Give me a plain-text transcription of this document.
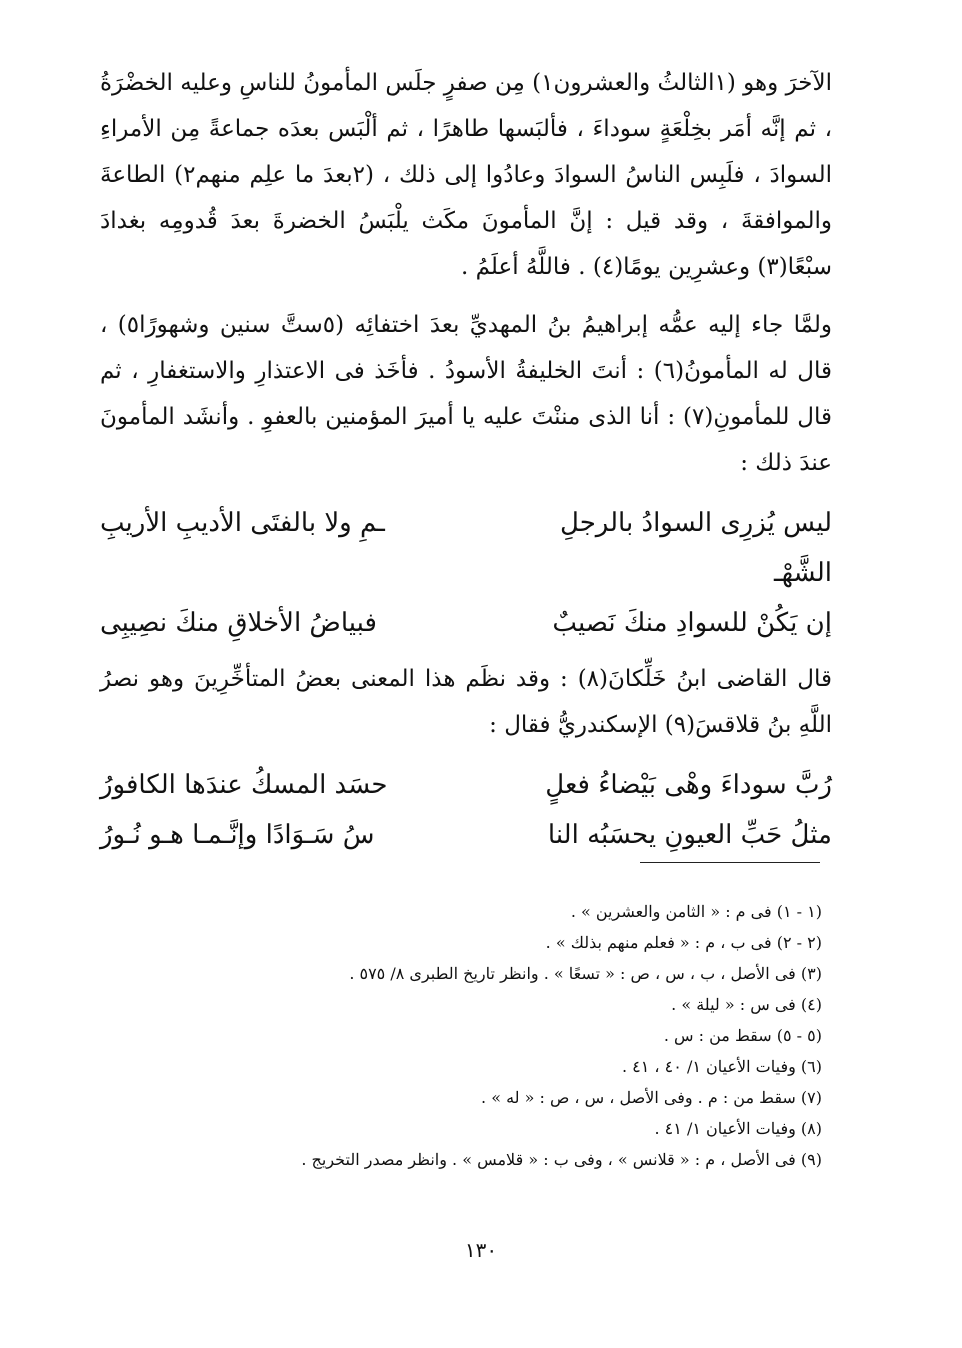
الآخرَ وهو (١الثالثُ والعشرون١) مِن صفرٍ جلَس المأمونُ للناسِ وعليه الخضْرَةُ ، ثم إنَّه أمَر بخِلْعَةٍ سوداءَ ، فألبَسها طاهرًا ، ثم ألْبَس بعدَه جماعةً مِن الأمراءِ السوادَ ، فلَبِس الناسُ السوادَ وعادُوا إلى ذلك ، (٢بعدَ ما علِم منهم٢) الطاعةَ والموافقةَ ، وقد قيل : إنَّ المأمونَ مكَث يلْبَسُ الخضرةَ بعدَ قُدومِه بغدادَ سبْعًا(٣) وعشرِين يومًا(٤) . فاللَّهُ أعلَمُ .

ولمَّا جاء إليه عمُّه إبراهيمُ بنُ المهديِّ بعدَ اختفائِه (٥ستَّ سنين وشهورًا٥) ، قال له المأمونُ(٦) : أنتَ الخليفةُ الأسودُ . فأخَذ فى الاعتذارِ والاستغفارِ ، ثم قال للمأمونِ(٧) : أنا الذى مننْتَ عليه يا أميرَ المؤمنين بالعفوِ . وأنشَد المأمونَ عندَ ذلك :

ليس يُزرِى السوادُ بالرجلِ الشَّهْـ
ـمِ ولا بالفتَى الأديبِ الأريبِ
إن يَكُنْ للسوادِ منكَ نَصيبٌ
فبياضُ الأخلاقِ منكَ نصِيبِى

قال القاضى ابنُ خَلِّكانَ(٨) : وقد نظَم هذا المعنى بعضُ المتأخِّرِينَ وهو نصرُ اللَّهِ بنُ قلاقسَ(٩) الإسكندريُّ فقال :

رُبَّ سوداءَ وهْى بَيْضاءُ فعلٍ
حسَد المسكُ عندَها الكافورُ
مثلُ حَبِّ العيونِ يحسَبُه النا
سُ سَـوَادًا وإنَّـمـا هـو نُـورُ
(١ - ١) فى م : « الثامن والعشرين » .
(٢ - ٢) فى ب ، م : « فعلم منهم بذلك » .
(٣) فى الأصل ، ب ، س ، ص : « تسعًا » . وانظر تاريخ الطبرى ٨/ ٥٧٥ .
(٤) فى س : « ليلة » .
(٥ - ٥) سقط من : س .
(٦) وفيات الأعيان ١/ ٤٠ ، ٤١ .
(٧) سقط من : م . وفى الأصل ، س ، ص : « له » .
(٨) وفيات الأعيان ١/ ٤١ .
(٩) فى الأصل ، م : « قلانس » ، وفى ب : « قلامس » . وانظر مصدر التخريج .
١٣٠
